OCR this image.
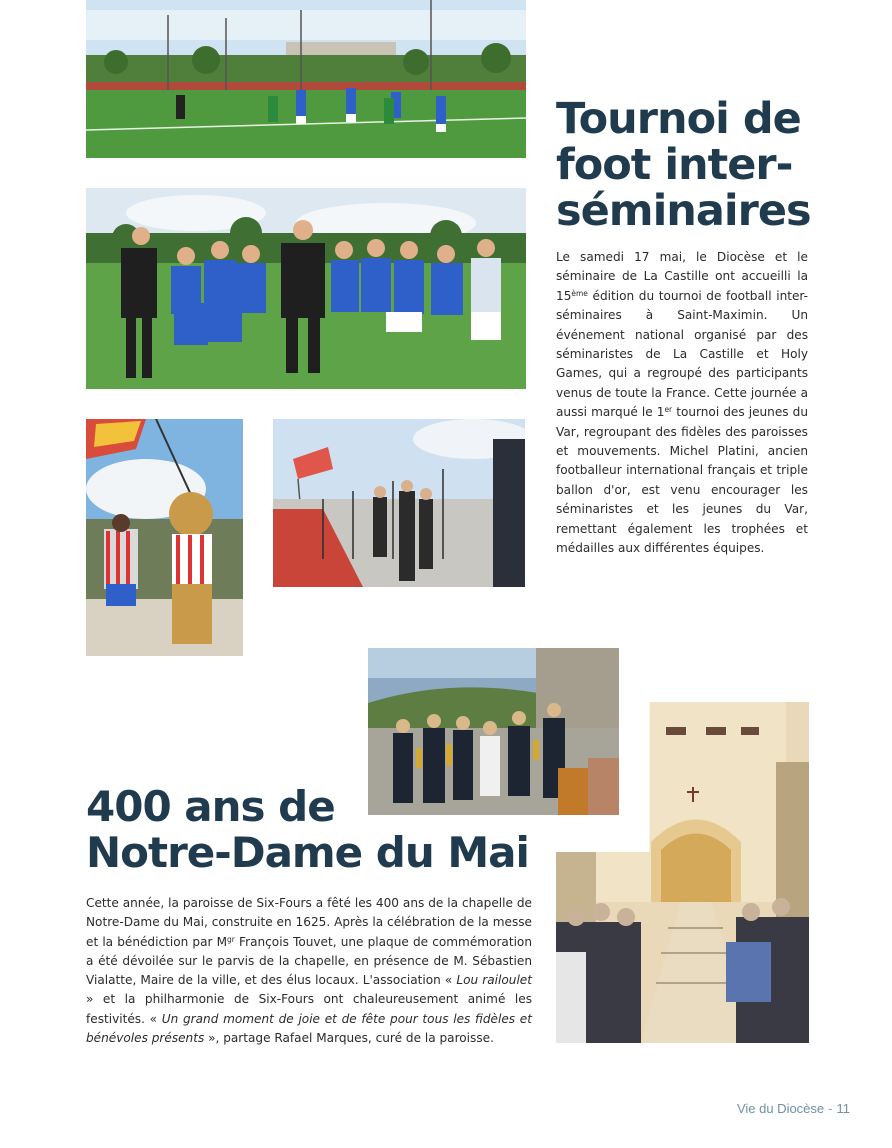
Tournoi de
foot inter-
séminaires

Le samedi 17 mai, le Diocèse et le séminaire de La Castille ont accueilli la 15ème édition du tournoi de football inter-séminaires à Saint-Maximin. Un événement national organisé par des séminaristes de La Castille et Holy Games, qui a regroupé des participants venus de toute la France. Cette journée a aussi marqué le 1er tournoi des jeunes du Var, regroupant des fidèles des paroisses et mouvements. Michel Platini, ancien footballeur international français et triple ballon d'or, est venu encourager les séminaristes et les jeunes du Var, remettant également les trophées et médailles aux différentes équipes.

400 ans de
Notre-Dame du Mai

Cette année, la paroisse de Six-Fours a fêté les 400 ans de la chapelle de Notre-Dame du Mai, construite en 1625. Après la célébration de la messe et la bénédiction par $M^{gr}$ François Touvet, une plaque de commémoration a été dévoilée sur le parvis de la chapelle, en présence de M. Sébastien Vialatte, Maire de la ville, et des élus locaux. L'association « Lou railoulet » et la philharmonie de Six-Fours ont chaleureusement animé les festivités. « Un grand moment de joie et de fête pour tous les fidèles et bénévoles présents », partage Rafael Marques, curé de la paroisse.

Vie du Diocèse - 11
